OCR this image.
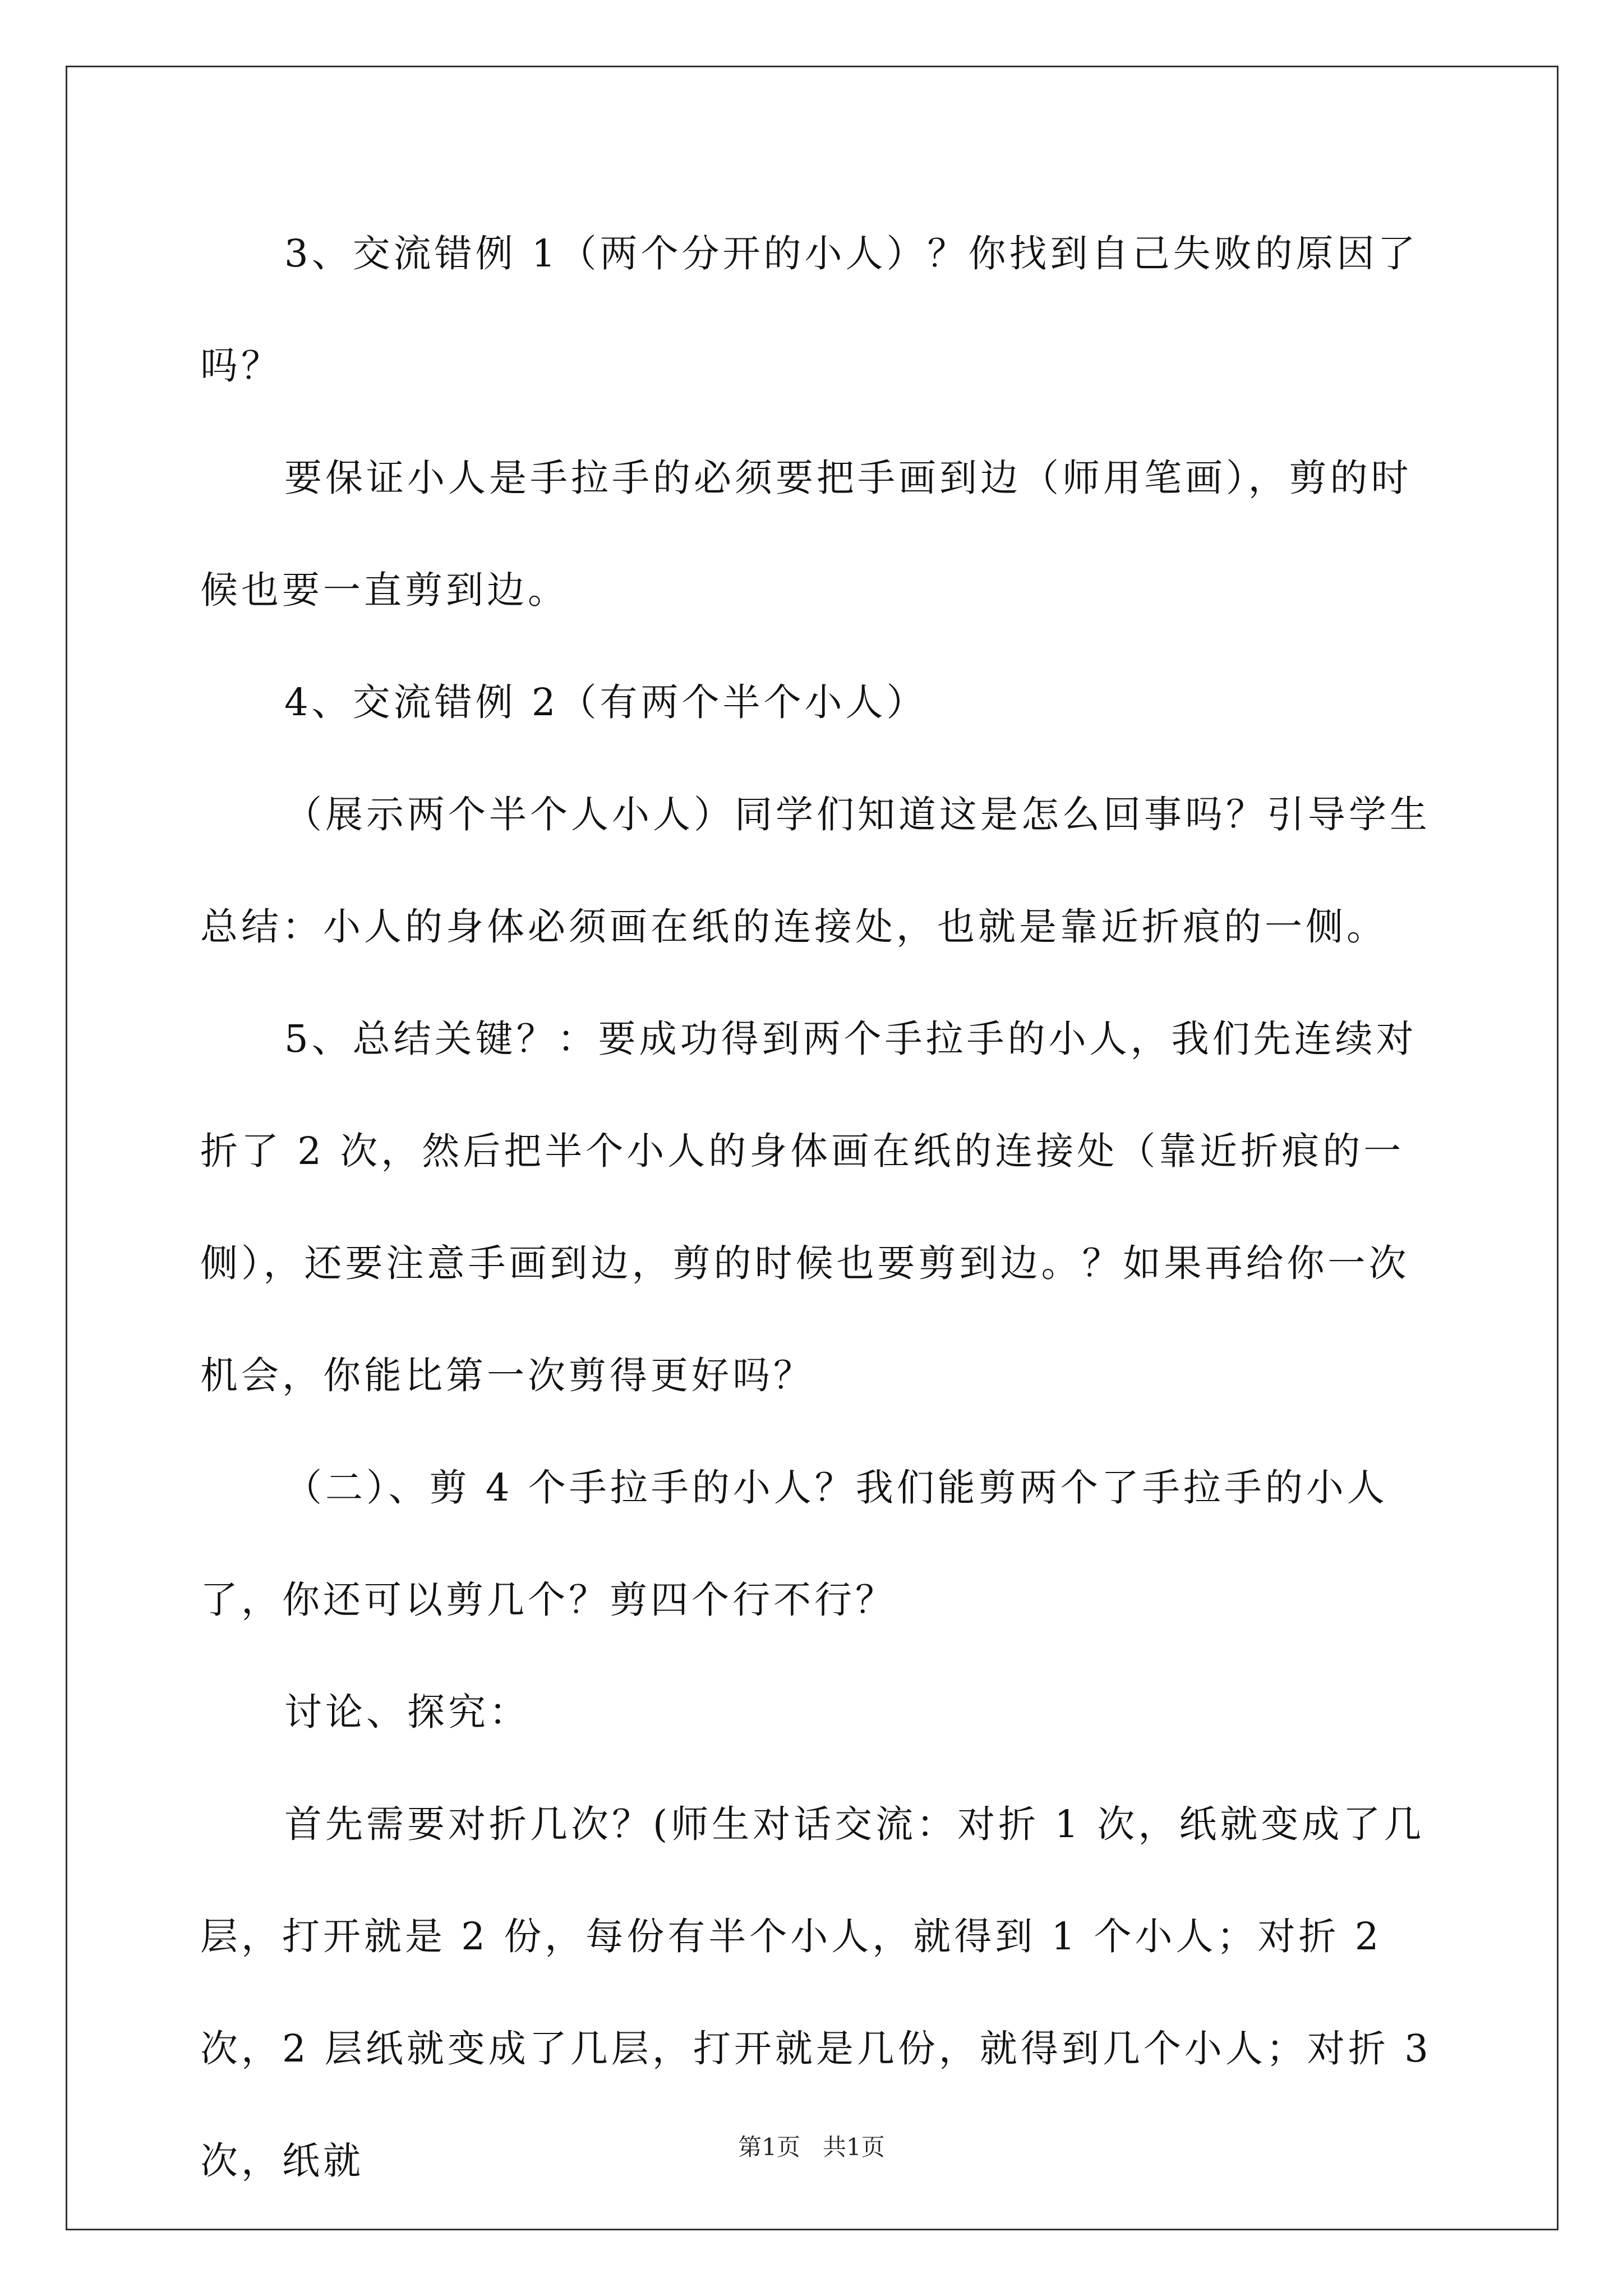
3、交流错例 1（两个分开的小人）？你找到自己失败的原因了吗？

要保证小人是手拉手的必须要把手画到边（师用笔画），剪的时候也要一直剪到边。

4、交流错例 2（有两个半个小人）

（展示两个半个人小人）同学们知道这是怎么回事吗？引导学生总结：小人的身体必须画在纸的连接处，也就是靠近折痕的一侧。

5、总结关键？：要成功得到两个手拉手的小人，我们先连续对折了 2 次，然后把半个小人的身体画在纸的连接处（靠近折痕的一侧），还要注意手画到边，剪的时候也要剪到边。？如果再给你一次机会，你能比第一次剪得更好吗？

（二）、剪 4 个手拉手的小人？我们能剪两个了手拉手的小人了，你还可以剪几个？剪四个行不行？

讨论、探究：

首先需要对折几次？(师生对话交流：对折 1 次，纸就变成了几层，打开就是 2 份，每份有半个小人，就得到 1 个小人；对折 2 次，2 层纸就变成了几层，打开就是几份，就得到几个小人；对折 3 次，纸就	第1页 共1页
